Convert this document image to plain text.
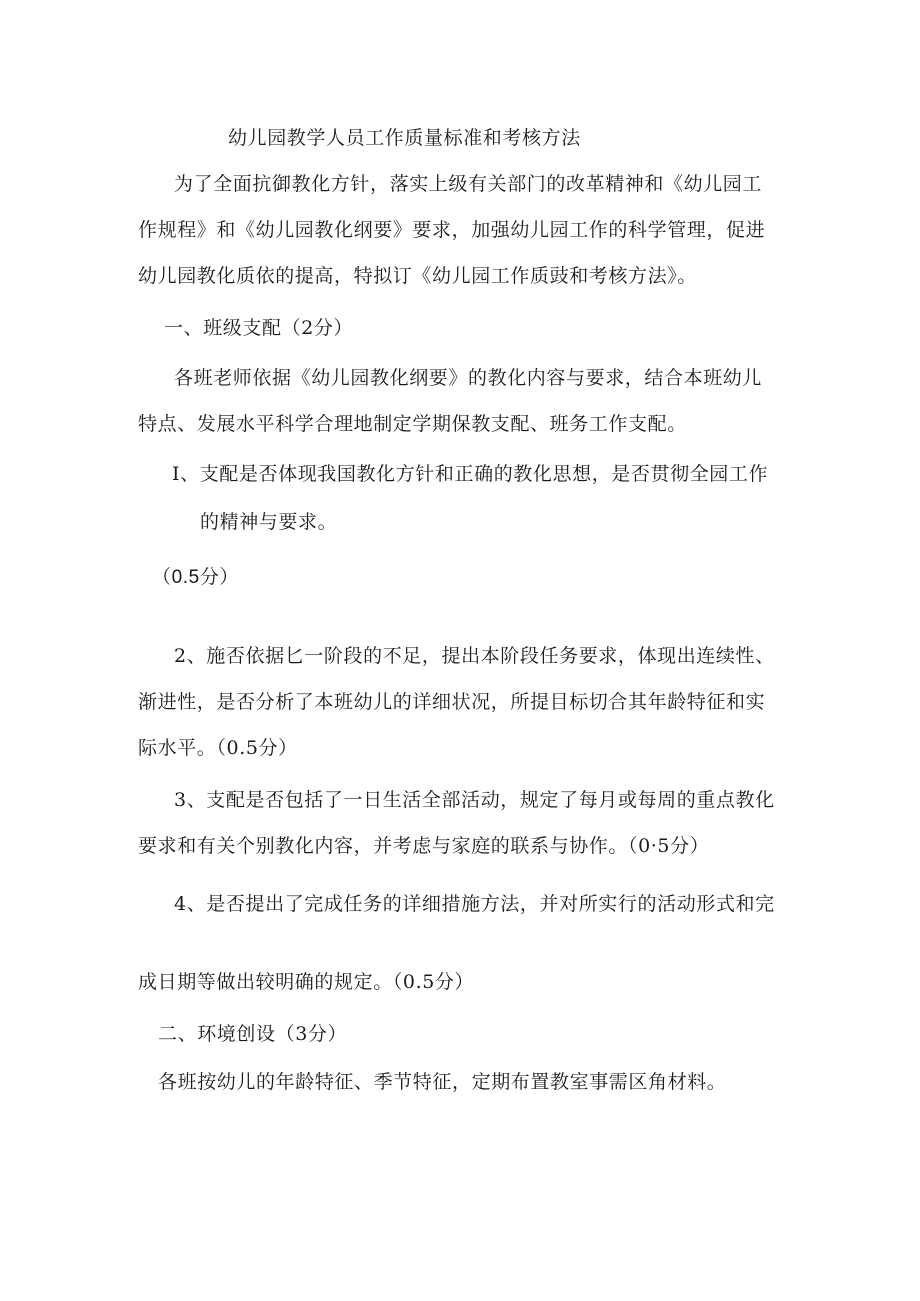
幼儿园教学人员工作质量标准和考核方法
为了全面抗御教化方针，落实上级有关部门的改革精神和《幼儿园工
作规程》和《幼儿园教化纲要》要求，加强幼儿园工作的科学管理，促进
幼儿园教化质依的提高，特拟订《幼儿园工作质豉和考核方法》。
一、班级支配（2分）
各班老师依据《幼儿园教化纲要》的教化内容与要求，结合本班幼儿
特点、发展水平科学合理地制定学期保教支配、班务工作支配。
I、支配是否体现我国教化方针和正确的教化思想，是否贯彻全园工作
的精神与要求。
（0.5分）
2、施否依据匕一阶段的不足，提出本阶段任务要求，体现出连续性、
渐进性，是否分析了本班幼儿的详细状况，所提目标切合其年龄特征和实
际水平。（0.5分）
3、支配是否包括了一日生活全部活动，规定了每月或每周的重点教化
要求和有关个别教化内容，并考虑与家庭的联系与协作。（0·5分）
4、是否提出了完成任务的详细措施方法，并对所实行的活动形式和完
成日期等做出较明确的规定。（0.5分）
二、环境创设（3分）
各班按幼儿的年龄特征、季节特征，定期布置教室事需区角材料。
